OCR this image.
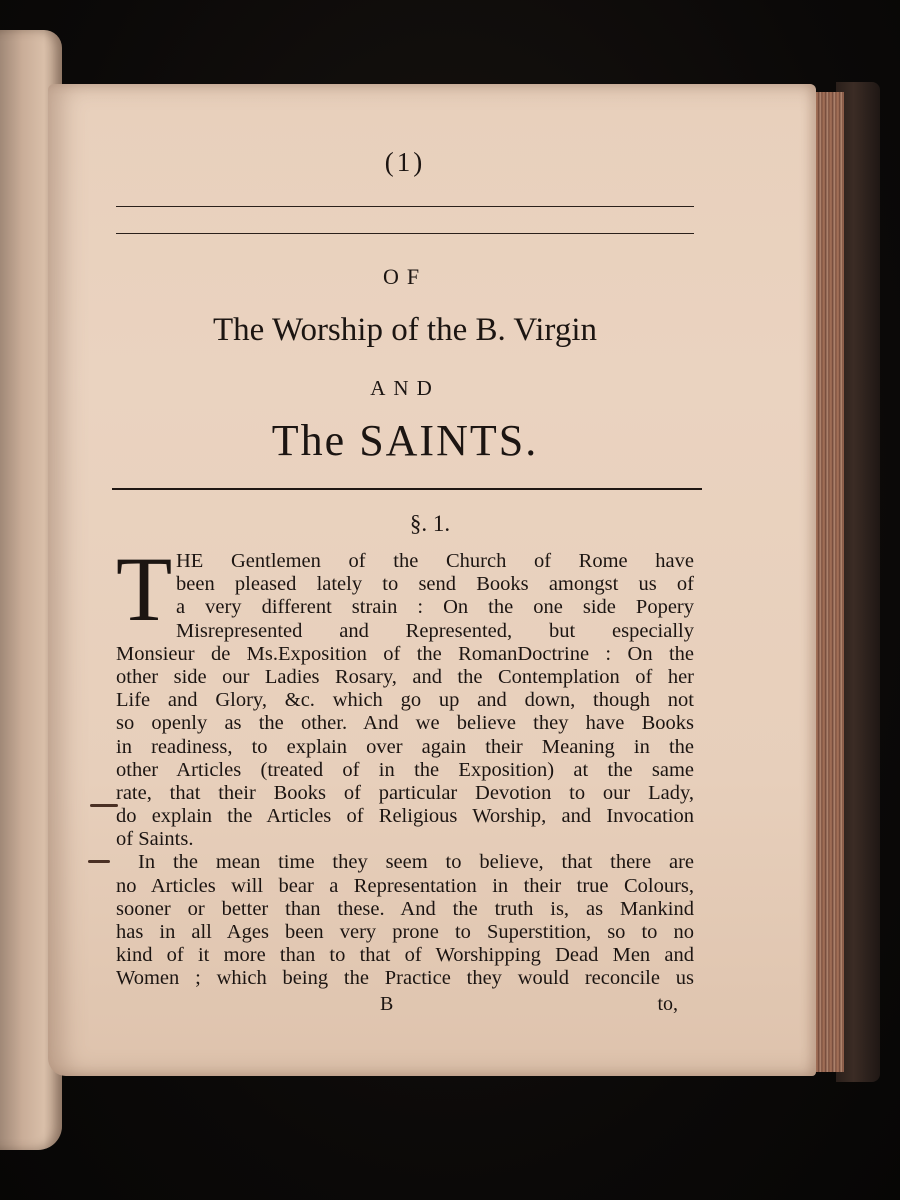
(1)
OF
The Worship of the B. Virgin
AND
The SAINTS.
§. 1.
T HE Gentlemen of the Church of Rome have
been pleased lately to send Books amongst us of
a very different strain : On the one side Popery
Misrepresented and Represented, but especially
Monsieur de Ms.Exposition of the RomanDoctrine : On the
other side our Ladies Rosary, and the Contemplation of her
Life and Glory, &c. which go up and down, though not
so openly as the other. And we believe they have Books
in readiness, to explain over again their Meaning in the
other Articles (treated of in the Exposition) at the same
rate, that their Books of particular Devotion to our Lady,
do explain the Articles of Religious Worship, and Invocation
of Saints.
In the mean time they seem to believe, that there are
no Articles will bear a Representation in their true Colours,
sooner or better than these. And the truth is, as Mankind
has in all Ages been very prone to Superstition, so to no
kind of it more than to that of Worshipping Dead Men and
Women ; which being the Practice they would reconcile us
B	to,
